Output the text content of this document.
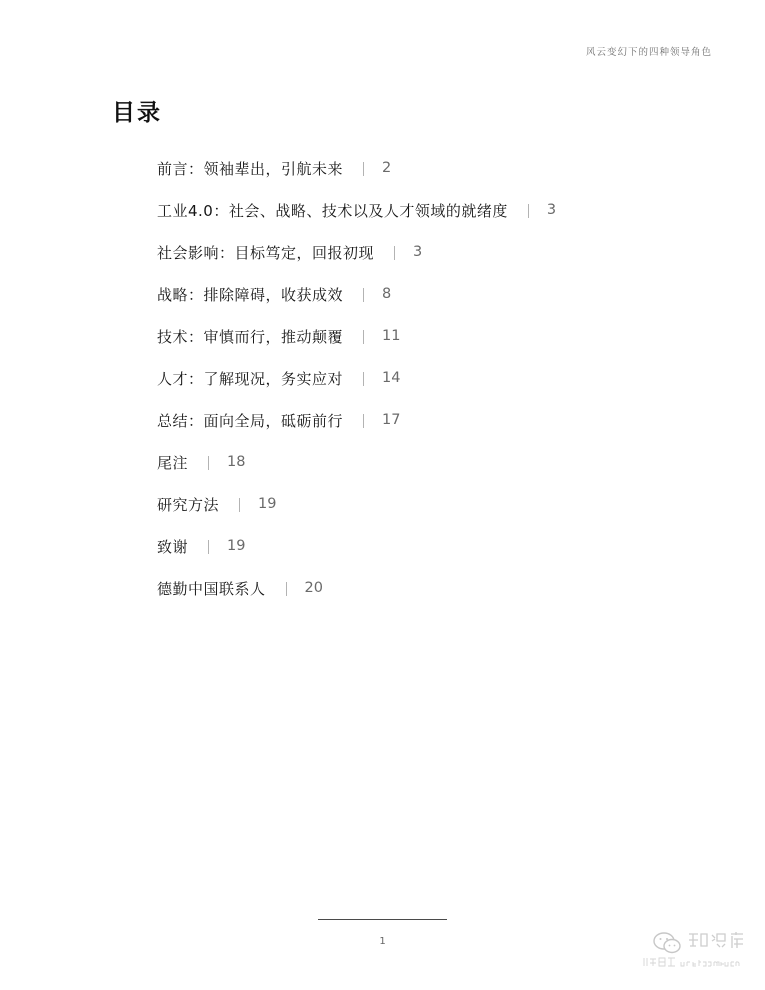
风云变幻下的四种领导角色
目录
前言：领袖辈出，引航未来	2
工业4.0：社会、战略、技术以及人才领域的就绪度	3
社会影响：目标笃定，回报初现	3
战略：排除障碍，收获成效	8
技术：审慎而行，推动颠覆	11
人才：了解现况，务实应对	14
总结：面向全局，砥砺前行	17
尾注	18
研究方法	19
致谢	19
德勤中国联系人	20
1
